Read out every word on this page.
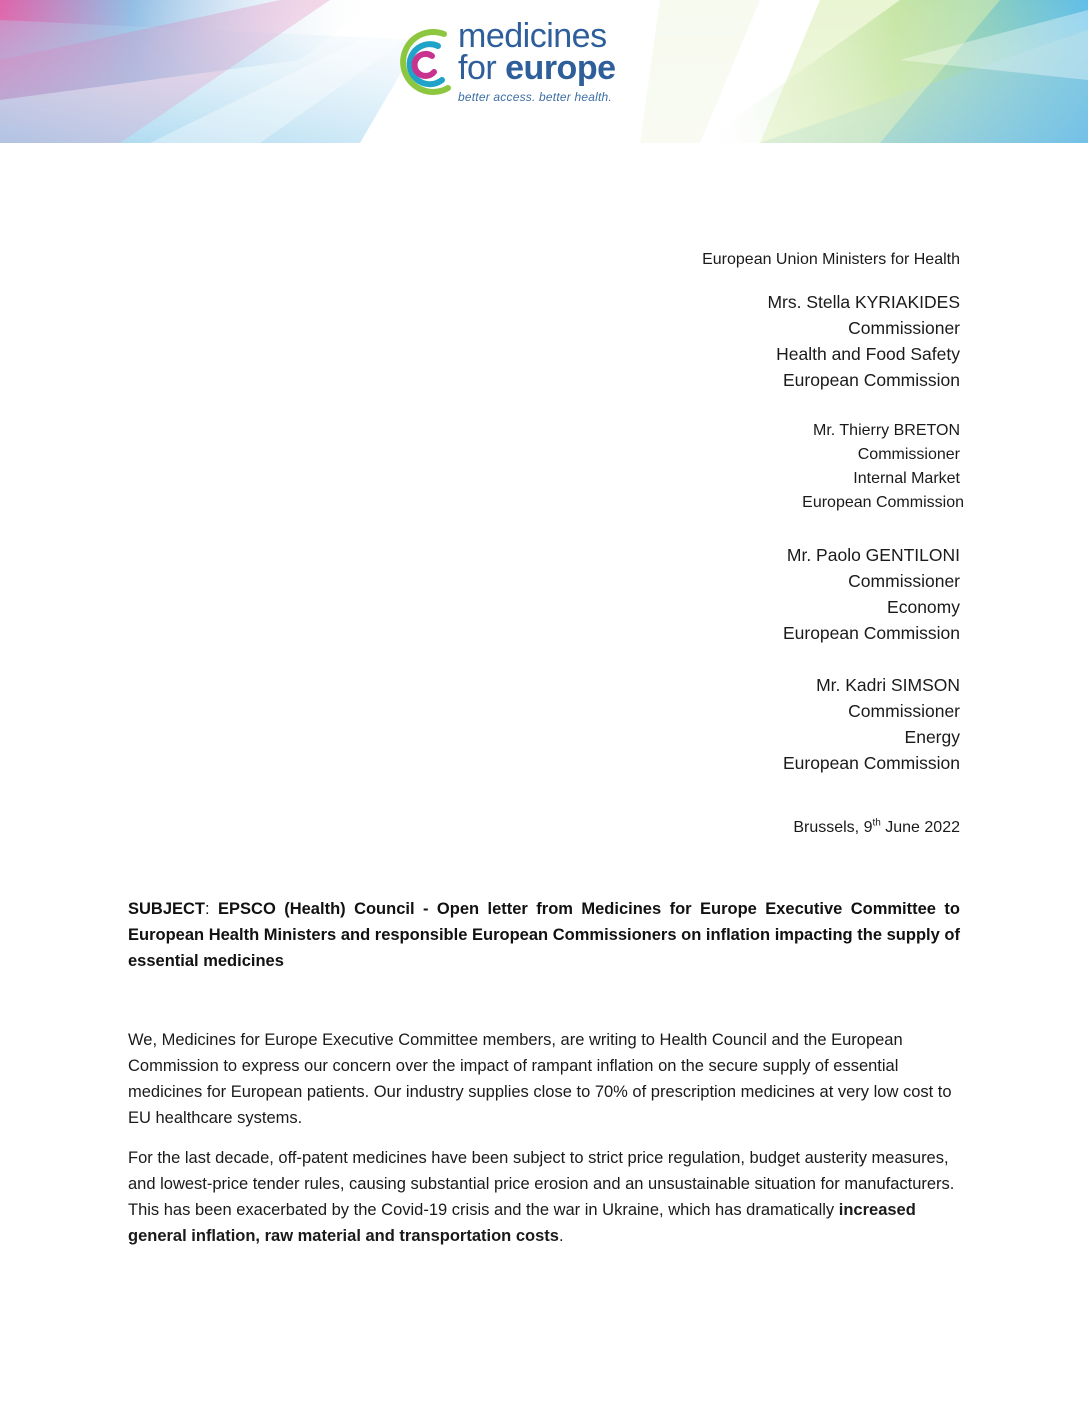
medicines
for europe
better access. better health.
European Union Ministers for Health
Mrs. Stella KYRIAKIDES
Commissioner
Health and Food Safety
European Commission
Mr. Thierry BRETON
Commissioner
Internal Market
European Commission
Mr. Paolo GENTILONI
Commissioner
Economy
European Commission
Mr. Kadri SIMSON
Commissioner
Energy
European Commission
Brussels, 9th June 2022
SUBJECT: EPSCO (Health) Council - Open letter from Medicines for Europe Executive Committee to European Health Ministers and responsible European Commissioners on inflation impacting the supply of essential medicines
We, Medicines for Europe Executive Committee members, are writing to Health Council and the European Commission to express our concern over the impact of rampant inflation on the secure supply of essential medicines for European patients. Our industry supplies close to 70% of prescription medicines at very low cost to EU healthcare systems.
For the last decade, off-patent medicines have been subject to strict price regulation, budget austerity measures, and lowest-price tender rules, causing substantial price erosion and an unsustainable situation for manufacturers. This has been exacerbated by the Covid-19 crisis and the war in Ukraine, which has dramatically increased general inflation, raw material and transportation costs.
